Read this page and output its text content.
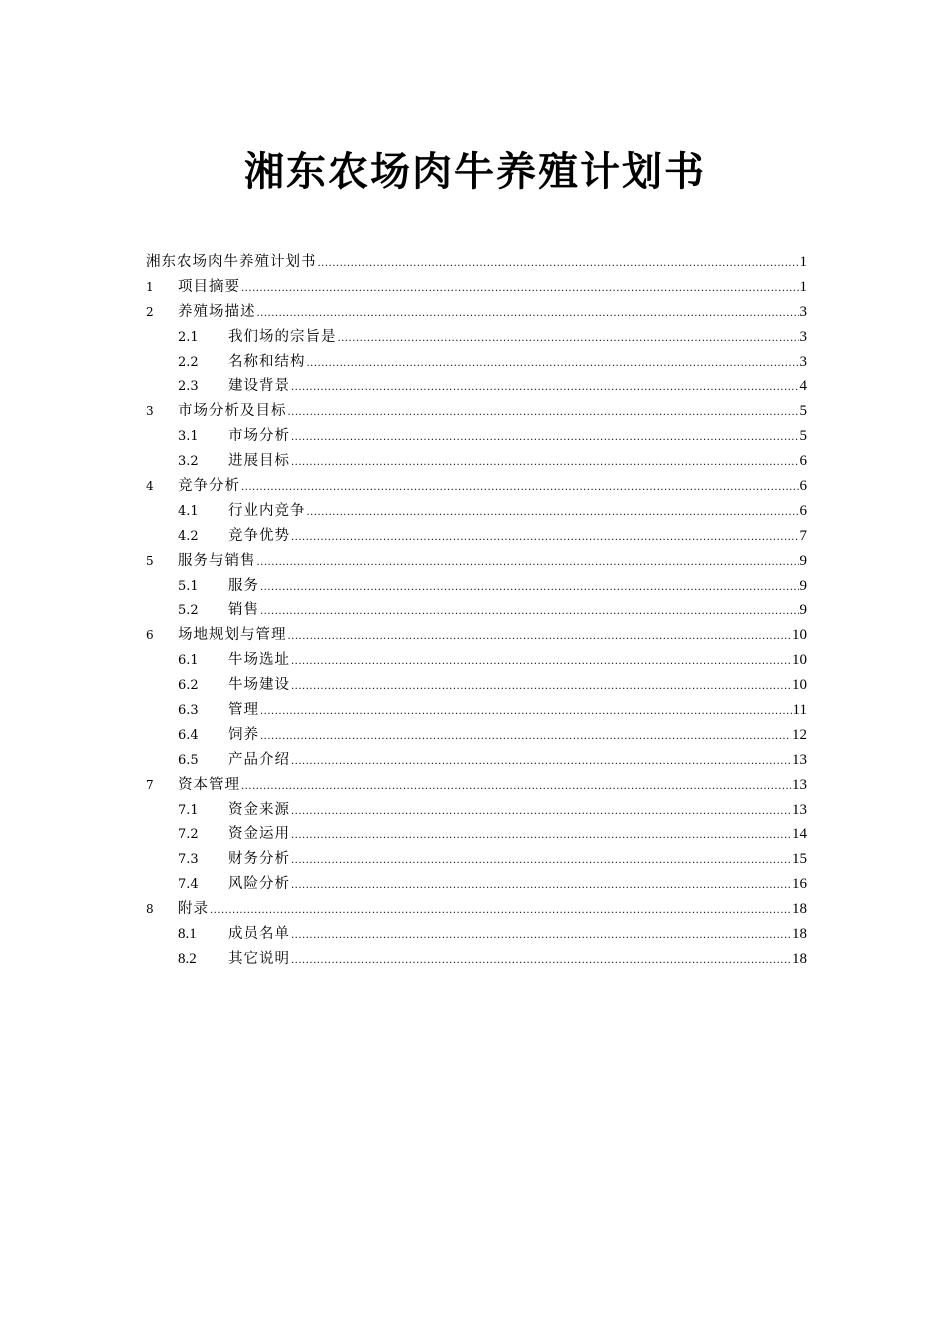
湘东农场肉牛养殖计划书
湘东农场肉牛养殖计划书 .....	1
1	项目摘要 .....	1
2	养殖场描述 .....	3
2.1	我们场的宗旨是 .....	3
2.2	名称和结构 .....	3
2.3	建设背景 .....	4
3	市场分析及目标 .....	5
3.1	市场分析 .....	5
3.2	进展目标 .....	6
4	竞争分析 .....	6
4.1	行业内竞争 .....	6
4.2	竞争优势 .....	7
5	服务与销售 .....	9
5.1	服务 .....	9
5.2	销售 .....	9
6	场地规划与管理 .....	10
6.1	牛场选址 .....	10
6.2	牛场建设 .....	10
6.3	管理 .....	11
6.4	饲养 .....	12
6.5	产品介绍 .....	13
7	资本管理 .....	13
7.1	资金来源 .....	13
7.2	资金运用 .....	14
7.3	财务分析 .....	15
7.4	风险分析 .....	16
8	附录 .....	18
8.1	成员名单 .....	18
8.2	其它说明 .....	18
